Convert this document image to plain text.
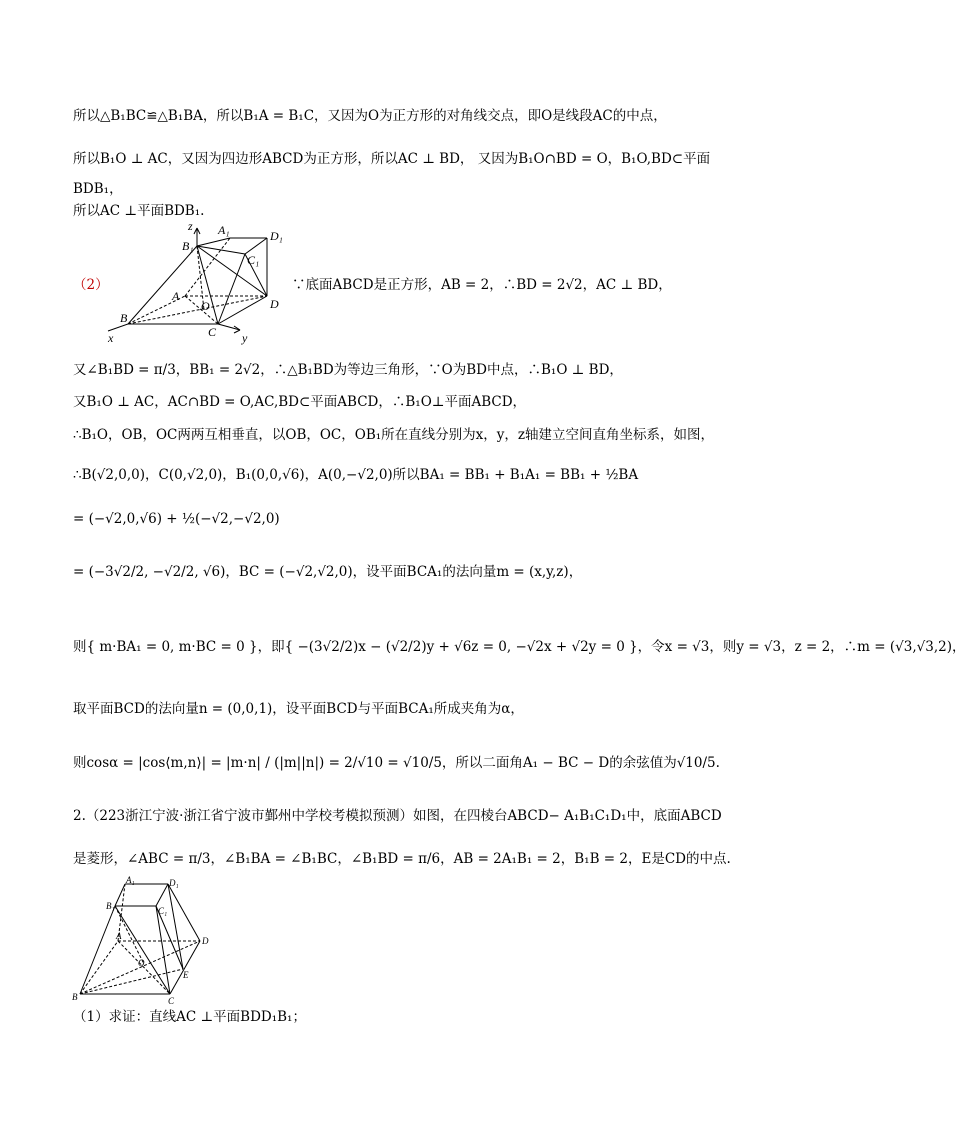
所以△B₁BC≌△B₁BA，所以B₁A = B₁C，又因为O为正方形的对角线交点，即O是线段AC的中点，
所以B₁O ⊥ AC，又因为四边形ABCD为正方形，所以AC ⊥ BD， 又因为B₁O∩BD = O，B₁O,BD⊂平面
BDB₁，
所以AC ⊥平面BDB₁.
（2）	∵底面ABCD是正方形，AB = 2，∴BD = 2√2，AC ⊥ BD，
又∠B₁BD = π/3，BB₁ = 2√2，∴△B₁BD为等边三角形，∵O为BD中点，∴B₁O ⊥ BD，
又B₁O ⊥ AC，AC∩BD = O,AC,BD⊂平面ABCD，∴B₁O⊥平面ABCD，
∴B₁O，OB，OC两两互相垂直，以OB，OC，OB₁所在直线分别为x，y，z轴建立空间直角坐标系，如图，
∴B(√2,0,0)，C(0,√2,0)，B₁(0,0,√6)，A(0,−√2,0)所以BA₁ = BB₁ + B₁A₁ = BB₁ + ½BA
= (−√2,0,√6) + ½(−√2,−√2,0)
= (−3√2/2, −√2/2, √6)，BC = (−√2,√2,0)，设平面BCA₁的法向量m = (x,y,z)，
则{ m·BA₁ = 0, m·BC = 0 }，即{ −(3√2/2)x − (√2/2)y + √6z = 0, −√2x + √2y = 0 }，令x = √3，则y = √3，z = 2，∴m = (√3,√3,2)，
取平面BCD的法向量n = (0,0,1)，设平面BCD与平面BCA₁所成夹角为α，
则cosα = |cos⟨m,n⟩| = |m·n| / (|m||n|) = 2/√10 = √10/5，所以二面角A₁ − BC − D的余弦值为√10/5.
2.（223浙江宁波·浙江省宁波市鄞州中学校考模拟预测）如图，在四棱台ABCD− A₁B₁C₁D₁中，底面ABCD
是菱形，∠ABC = π/3，∠B₁BA = ∠B₁BC，∠B₁BD = π/6，AB = 2A₁B₁ = 2，B₁B = 2，E是CD的中点.
（1）求证：直线AC ⊥平面BDD₁B₁；
z A₁	D₁
B₁
C₁
A
O	D
B
C
x	y
A₁	D₁
B₁	C₁
A
O
D
E
B	C
